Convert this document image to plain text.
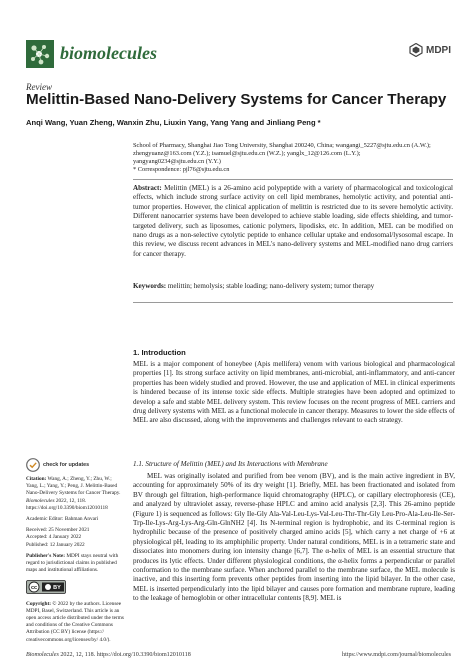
biomolecules	MDPI
Review
Melittin-Based Nano-Delivery Systems for Cancer Therapy
Anqi Wang, Yuan Zheng, Wanxin Zhu, Liuxin Yang, Yang Yang and Jinliang Peng *
School of Pharmacy, Shanghai Jiao Tong University, Shanghai 200240, China; wangangi_5227@sjtu.edu.cn (A.W.);
zhengyuanz@163.com (Y.Z.); isamuel@sjtu.edu.cn (W.Z.); yanglx_12@126.com (L.Y.);
yangyang0234@sjtu.edu.cn (Y.Y.)
* Correspondence: pjl76@sjtu.edu.cn
Abstract: Melittin (MEL) is a 26-amino acid polypeptide with a variety of pharmacological and toxicological effects, which include strong surface activity on cell lipid membranes, hemolytic activity, and potential anti-tumor properties. However, the clinical application of melittin is restricted due to its severe hemolytic activity. Different nanocarrier systems have been developed to achieve stable loading, side effects shielding, and tumor-targeted delivery, such as liposomes, cationic polymers, lipodisks, etc. In addition, MEL can be modified on nano drugs as a non-selective cytolytic peptide to enhance cellular uptake and endosomal/lysosomal escape. In this review, we discuss recent advances in MEL's nano-delivery systems and MEL-modified nano drug carriers for cancer therapy.
Keywords: melittin; hemolysis; stable loading; nano-delivery system; tumor therapy
check for updates
Citation: Wang, A.; Zheng, Y.; Zhu, W.; Yang, L.; Yang, Y.; Peng, J. Melittin-Based Nano-Delivery Systems for Cancer Therapy. Biomolecules 2022, 12, 118. https://doi.org/10.3390/biom12010118
Academic Editor: Bahman Anvari
Received: 25 November 2021
Accepted: 4 January 2022
Published: 12 January 2022
Publisher's Note: MDPI stays neutral with regard to jurisdictional claims in published maps and institutional affiliations.
cc	BY
Copyright: © 2022 by the authors. Licensee MDPI, Basel, Switzerland. This article is an open access article distributed under the terms and conditions of the Creative Commons Attribution (CC BY) license (https:// creativecommons.org/licenses/by/ 4.0/).
1. Introduction
MEL is a major component of honeybee (Apis mellifera) venom with various biological and pharmacological properties [1]. Its strong surface activity on lipid membranes, anti-microbial, anti-inflammatory, and anti-cancer properties has been widely studied and proved. However, the use and application of MEL in clinical experiments is hindered because of its intense toxic side effects. Multiple strategies have been adopted and optimized to develop a safe and stable MEL delivery system. This review focuses on the recent progress of MEL carriers and drug delivery systems with MEL as a functional molecule in cancer therapy. Measures to lower the side effects of MEL are also discussed, along with the improvements and challenges relevant to each strategy.
1.1. Structure of Melittin (MEL) and Its Interactions with Membrane
MEL was originally isolated and purified from bee venom (BV), and is the main active ingredient in BV, accounting for approximately 50% of its dry weight [1]. Briefly, MEL has been fractionated and isolated from BV through gel filtration, high-performance liquid chromatography (HPLC), or capillary electrophoresis (CE), and analyzed by ultraviolet assay, reverse-phase HPLC and amino acid analysis [2,3]. This 26-amino peptide (Figure 1) is sequenced as follows: Gly Ile-Gly Ala-Val-Leu-Lys-Val-Leu-Thr-Thr-Gly Leu-Pro-Ala-Leu-Ile-Ser-Trp-Ile-Lys-Arg-Lys-Arg-Gln-GlnNH2 [4]. Its N-terminal region is hydrophobic, and its C-terminal region is hydrophilic because of the presence of positively charged amino acids [5], which carry a net charge of +6 at physiological pH, leading to its amphiphilic property. Under natural conditions, MEL is in a tetrameric state and dissociates into monomers during ion intensity change [6,7]. The α-helix of MEL is an essential structure that produces its lytic effects. Under different physiological conditions, the α-helix forms a perpendicular or parallel conformation to the membrane surface. When anchored parallel to the membrane surface, the MEL molecule is inactive, and this inserting form prevents other peptides from inserting into the lipid bilayer. In the other case, MEL is inserted perpendicularly into the lipid bilayer and causes pore formation and membrane rupture, leading to the leakage of hemoglobin or other intracellular contents [8,9]. MEL is
Biomolecules 2022, 12, 118. https://doi.org/10.3390/biom12010118	https://www.mdpi.com/journal/biomolecules
